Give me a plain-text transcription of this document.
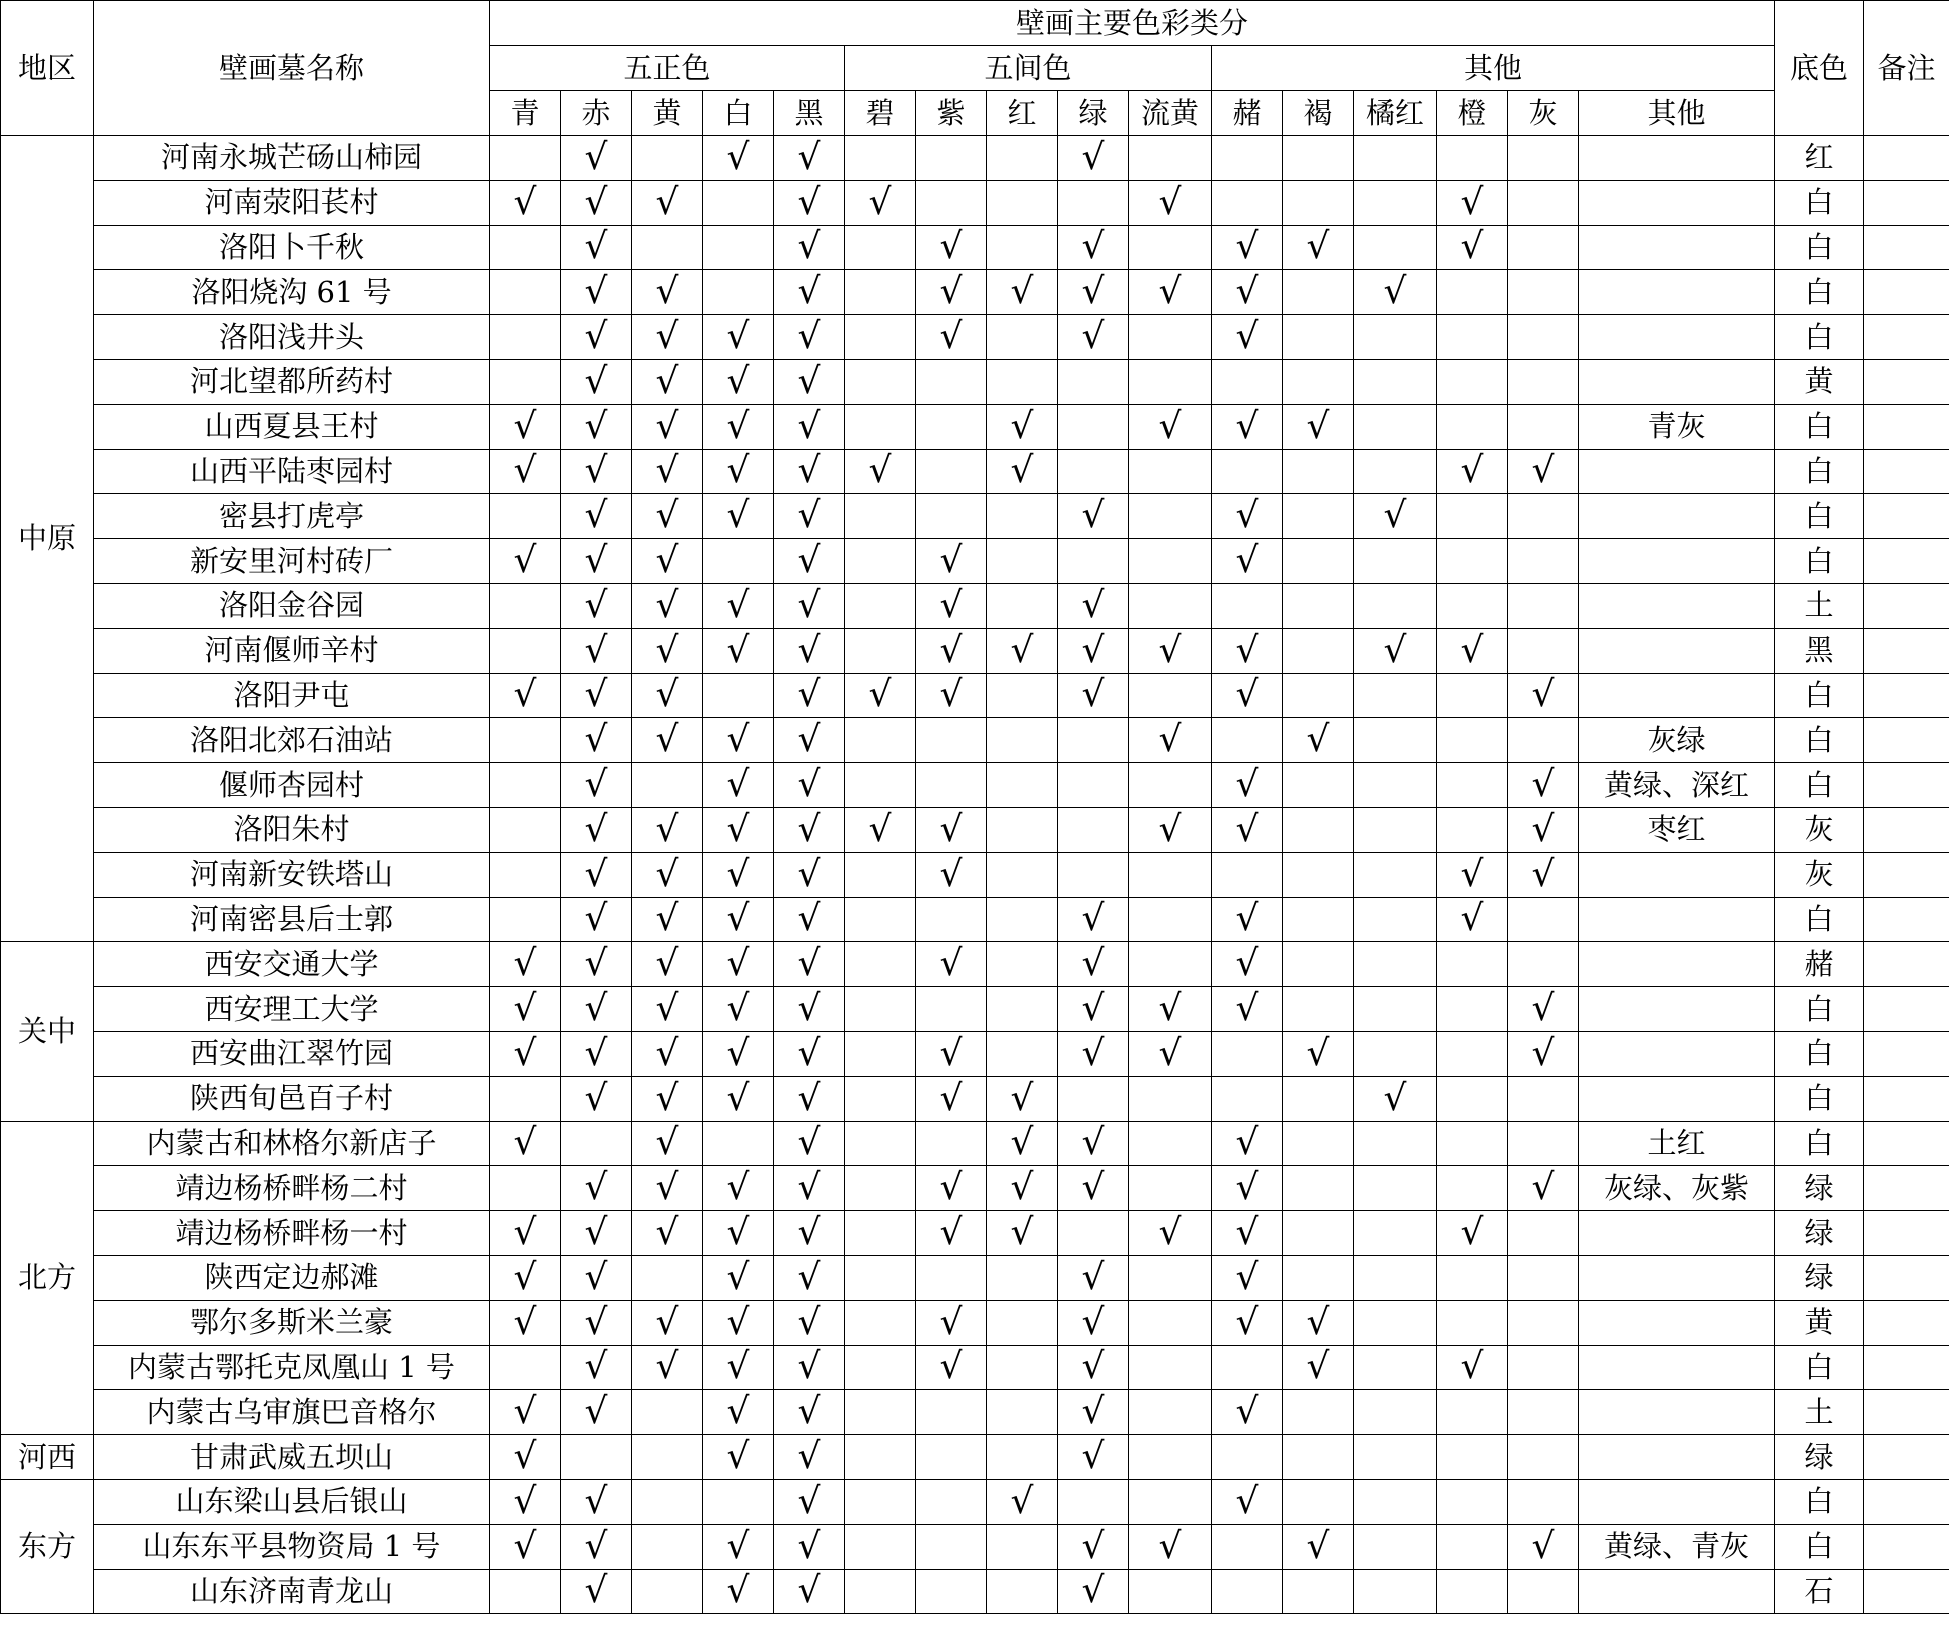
地区	壁画墓名称	壁画主要色彩类分																底色	备注
		五正色					五间色					其他							
		青	赤	黄	白	黑	碧	紫	红	绿	流黄	赭	褐	橘红	橙	灰	其他		
中原	河南永城芒砀山柿园		√		√	√				√								红	
	河南荥阳苌村	√	√	√		√	√				√				√			白	
	洛阳卜千秋		√			√		√		√		√	√		√			白	
	洛阳烧沟 61 号		√	√		√		√	√	√	√	√		√				白	
	洛阳浅井头		√	√	√	√		√		√		√						白	
	河北望都所药村		√	√	√	√												黄	
	山西夏县王村	√	√	√	√	√			√		√	√	√				青灰	白	
	山西平陆枣园村	√	√	√	√	√	√		√						√	√		白	
	密县打虎亭		√	√	√	√				√		√		√				白	
	新安里河村砖厂	√	√	√		√		√				√						白	
	洛阳金谷园		√	√	√	√		√		√								土	
	河南偃师辛村		√	√	√	√		√	√	√	√	√		√	√			黑	
	洛阳尹屯	√	√	√		√	√	√		√		√				√		白	
	洛阳北郊石油站		√	√	√	√					√		√				灰绿	白	
	偃师杏园村		√		√	√						√				√	黄绿、深红	白	
	洛阳朱村		√	√	√	√	√	√			√	√				√	枣红	灰	
	河南新安铁塔山		√	√	√	√		√							√	√		灰	
	河南密县后士郭		√	√	√	√				√		√			√			白	
关中	西安交通大学	√	√	√	√	√		√		√		√						赭	
	西安理工大学	√	√	√	√	√				√	√	√				√		白	
	西安曲江翠竹园	√	√	√	√	√		√		√	√		√			√		白	
	陕西旬邑百子村		√	√	√	√		√	√					√				白	
北方	内蒙古和林格尔新店子	√		√		√			√	√		√					土红	白	
	靖边杨桥畔杨二村		√	√	√	√		√	√	√		√				√	灰绿、灰紫	绿	
	靖边杨桥畔杨一村	√	√	√	√	√		√	√		√	√			√			绿	
	陕西定边郝滩	√	√		√	√				√		√						绿	
	鄂尔多斯米兰豪	√	√	√	√	√		√		√		√	√					黄	
	内蒙古鄂托克凤凰山 1 号		√	√	√	√		√		√			√		√			白	
	内蒙古乌审旗巴音格尔	√	√		√	√				√		√						土	
河西	甘肃武威五坝山	√			√	√				√								绿	
东方	山东梁山县后银山	√	√			√			√			√						白	
	山东东平县物资局 1 号	√	√		√	√				√	√		√			√	黄绿、青灰	白	
	山东济南青龙山		√		√	√				√								石	
